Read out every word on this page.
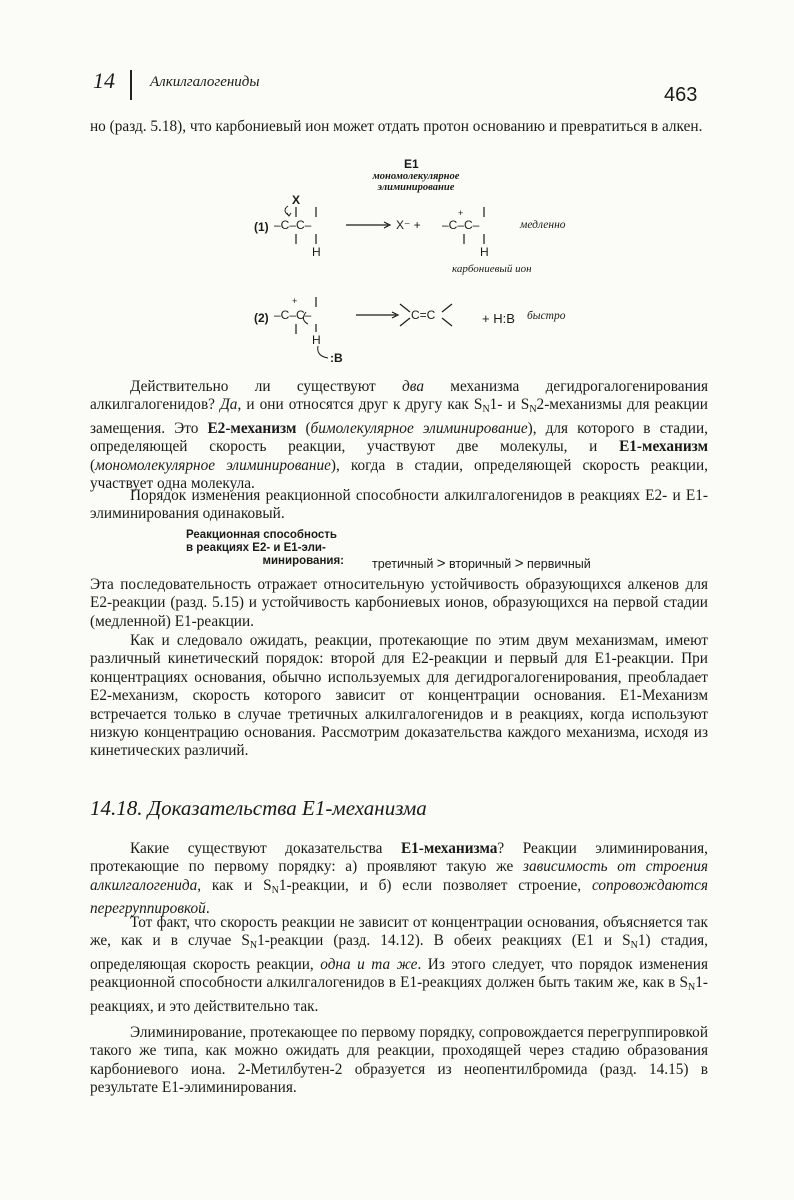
14 Алкилгалогениды
463

но (разд. 5.18), что карбониевый ион может отдать протон основанию и превратиться в алкен.

E1
мономолекулярное элиминирование
(1)
(2)
медленно
быстро
карбониевый ион
+ H:B
X
–C–C–
H
X⁻ +
+
–C–C–
H
+
–C–C–
H
:B
C=C

Действительно ли существуют два механизма дегидрогалогенирования алкилгалогенидов? Да, и они относятся друг к другу как $S_N1-$ и $S_N2$-механизмы для реакции замещения. Это E2-механизм (бимолекулярное элиминирование), для которого в стадии, определяющей скорость реакции, участвуют две молекулы, и E1-механизм (мономолекулярное элиминирование), когда в стадии, определяющей скорость реакции, участвует одна молекула.

Порядок изменения реакционной способности алкилгалогенидов в реакциях E2- и E1-элиминирования одинаковый.

Реакционная способность
в реакциях E2- и E1-эли-

минирования:	третичный > вторичный > первичный

Эта последовательность отражает относительную устойчивость образующихся алкенов для E2-реакции (разд. 5.15) и устойчивость карбониевых ионов, образующихся на первой стадии (медленной) E1-реакции.

Как и следовало ожидать, реакции, протекающие по этим двум механизмам, имеют различный кинетический порядок: второй для E2-реакции и первый для E1-реакции. При концентрациях основания, обычно используемых для дегидрогалогенирования, преобладает E2-механизм, скорость которого зависит от концентрации основания. E1-Механизм встречается только в случае третичных алкилгалогенидов и в реакциях, когда используют низкую концентрацию основания. Рассмотрим доказательства каждого механизма, исходя из кинетических различий.

14.18. Доказательства E1-механизма

Какие существуют доказательства E1-механизма? Реакции элиминирования, протекающие по первому порядку: а) проявляют такую же зависимость от строения алкилгалогенида, как и $S_N1$-реакции, и б) если позволяет строение, сопровождаются перегруппировкой.

Тот факт, что скорость реакции не зависит от концентрации основания, объясняется так же, как и в случае $S_N1$-реакции (разд. 14.12). В обеих реакциях (E1 и $S_N1$) стадия, определяющая скорость реакции, одна и та же. Из этого следует, что порядок изменения реакционной способности алкилгалогенидов в E1-реакциях должен быть таким же, как в $S_N1$-реакциях, и это действительно так.

Элиминирование, протекающее по первому порядку, сопровождается перегруппировкой такого же типа, как можно ожидать для реакции, проходящей через стадию образования карбониевого иона. 2-Метилбутен-2 образуется из неопентилбромида (разд. 14.15) в результате E1-элиминирования.
